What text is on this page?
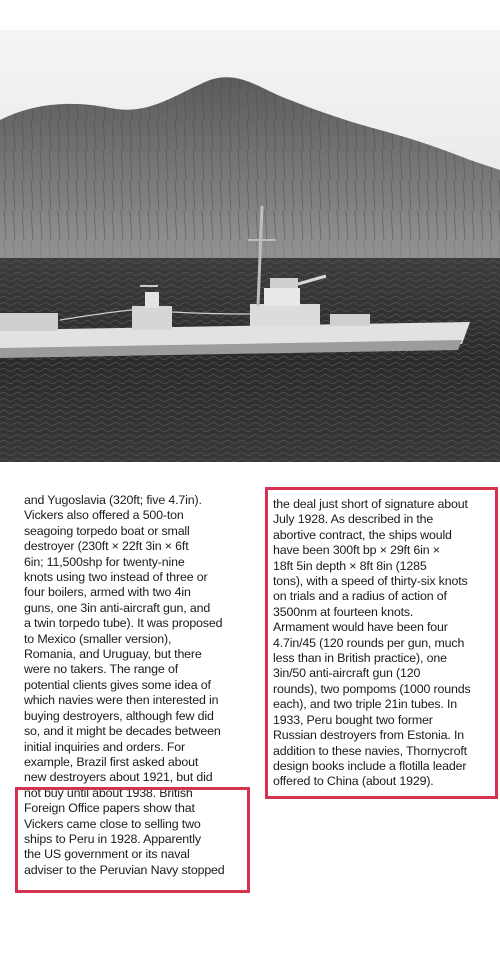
and Yugoslavia (320ft; five 4.7in).
Vickers also offered a 500-ton
seagoing torpedo boat or small
destroyer (230ft × 22ft 3in × 6ft
6in; 11,500shp for twenty-nine
knots using two instead of three or
four boilers, armed with two 4in
guns, one 3in anti-aircraft gun, and
a twin torpedo tube). It was proposed
to Mexico (smaller version),
Romania, and Uruguay, but there
were no takers. The range of
potential clients gives some idea of
which navies were then interested in
buying destroyers, although few did
so, and it might be decades between
initial inquiries and orders. For
example, Brazil first asked about
new destroyers about 1921, but did
not buy until about 1938. British
Foreign Office papers show that
Vickers came close to selling two
ships to Peru in 1928. Apparently
the US government or its naval
adviser to the Peruvian Navy stopped
the deal just short of signature about
July 1928. As described in the
abortive contract, the ships would
have been 300ft bp × 29ft 6in ×
18ft 5in depth × 8ft 8in (1285
tons), with a speed of thirty-six knots
on trials and a radius of action of
3500nm at fourteen knots.
Armament would have been four
4.7in/45 (120 rounds per gun, much
less than in British practice), one
3in/50 anti-aircraft gun (120
rounds), two pompoms (1000 rounds
each), and two triple 21in tubes. In
1933, Peru bought two former
Russian destroyers from Estonia. In
addition to these navies, Thornycroft
design books include a flotilla leader
offered to China (about 1929).
